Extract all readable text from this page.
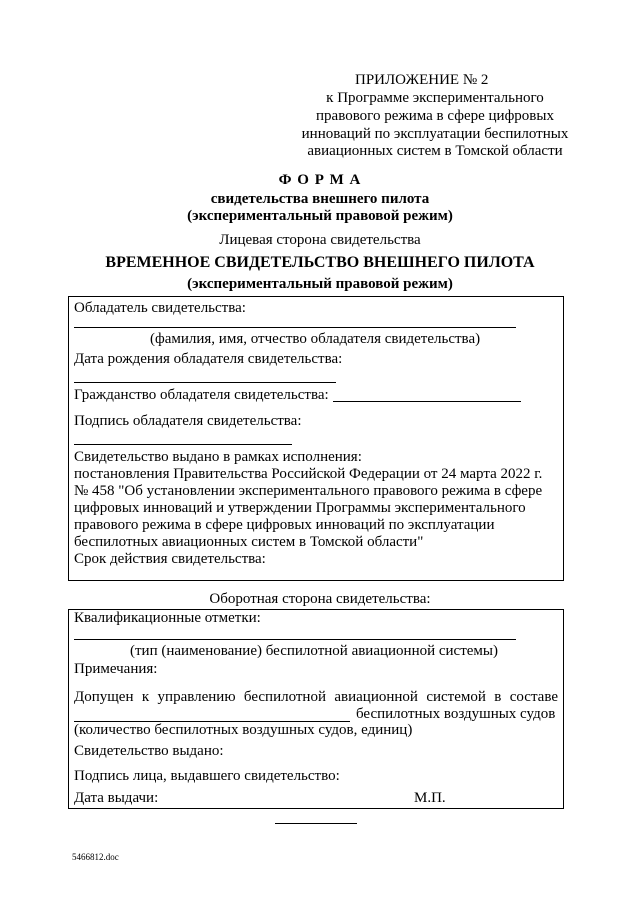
ПРИЛОЖЕНИЕ № 2
к Программе экспериментального
правового режима в сфере цифровых
инноваций по эксплуатации беспилотных
авиационных систем в Томской области
Ф О Р М А
свидетельства внешнего пилота
(экспериментальный правовой режим)
Лицевая сторона свидетельства
ВРЕМЕННОЕ СВИДЕТЕЛЬСТВО ВНЕШНЕГО ПИЛОТА
(экспериментальный правовой режим)
Обладатель свидетельства:
(фамилия, имя, отчество обладателя свидетельства)
Дата рождения обладателя свидетельства:
Гражданство обладателя свидетельства:
Подпись обладателя свидетельства:
Свидетельство выдано в рамках исполнения:
постановления Правительства Российской Федерации от 24 марта 2022 г.
№ 458 "Об установлении экспериментального правового режима в сфере
цифровых инноваций и утверждении Программы экспериментального
правового режима в сфере цифровых инноваций по эксплуатации
беспилотных авиационных систем в Томской области"
Срок действия свидетельства:
Оборотная сторона свидетельства:
Квалификационные отметки:
(тип (наименование) беспилотной авиационной системы)
Примечания:
Допущен к управлению беспилотной авиационной системой в составе
беспилотных воздушных судов
(количество беспилотных воздушных судов, единиц)
Свидетельство выдано:
Подпись лица, выдавшего свидетельство:
Дата выдачи:	М.П.
5466812.doc
